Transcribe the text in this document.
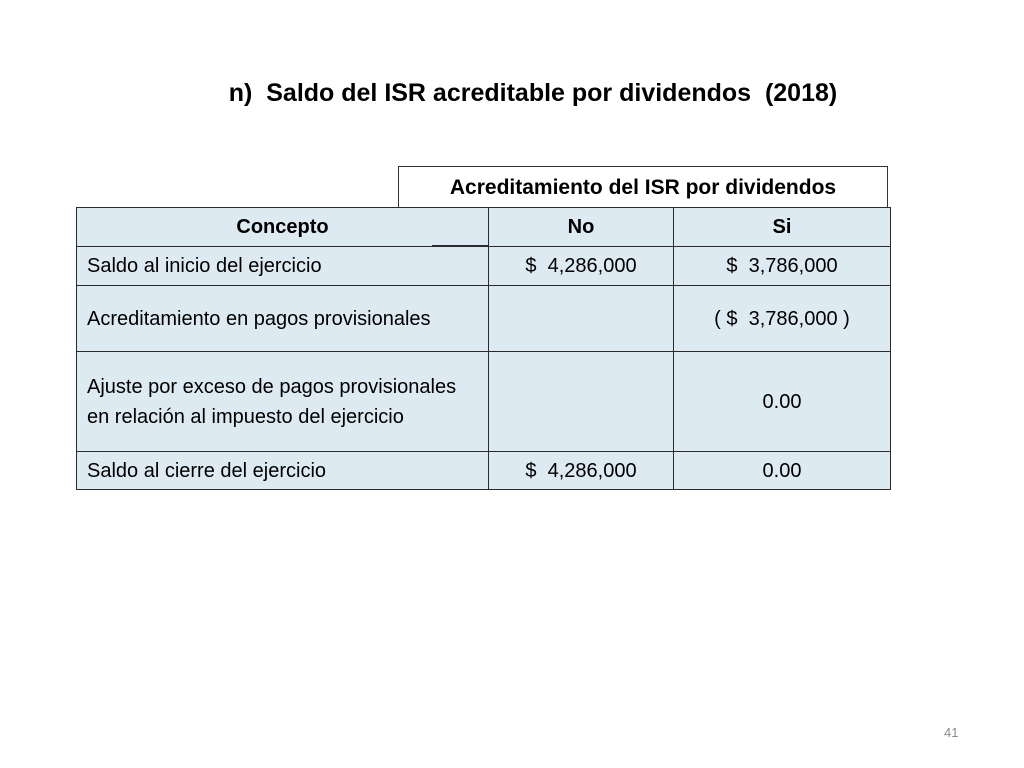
n)  Saldo del ISR acreditable por dividendos  (2018)
Acreditamiento del ISR por dividendos
Concepto	No	Si
Saldo al inicio del ejercicio	$  4,286,000	$  3,786,000
Acreditamiento en pagos provisionales		( $  3,786,000 )
Ajuste por exceso de pagos provisionales en relación al impuesto del ejercicio		0.00
Saldo al cierre del ejercicio	$  4,286,000	0.00
41
